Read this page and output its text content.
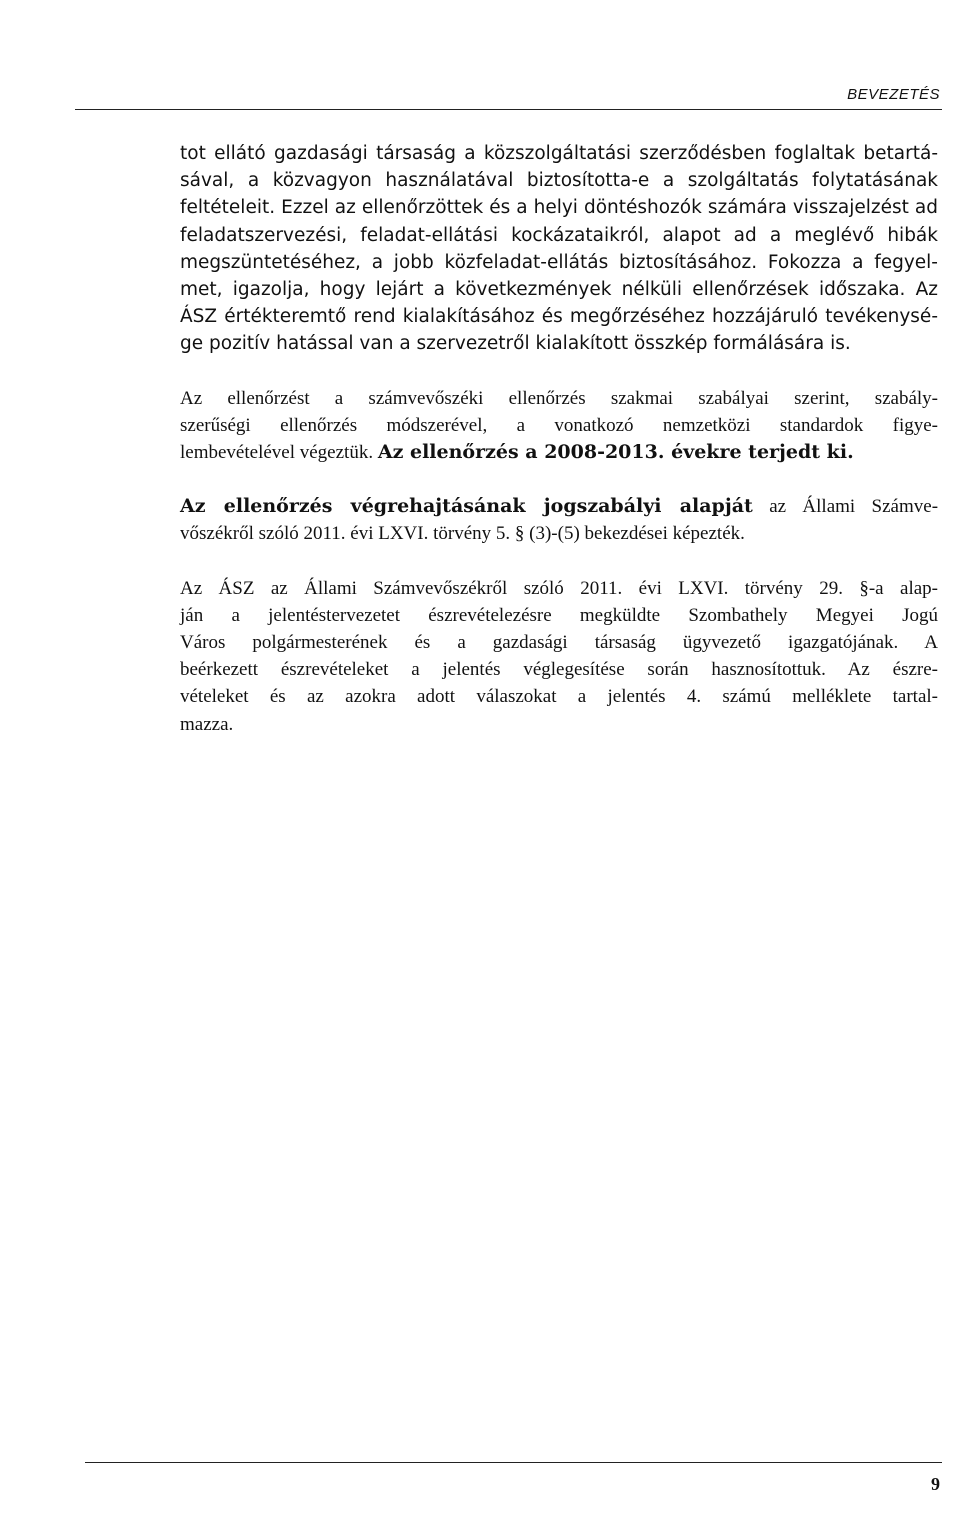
BEVEZETÉS

tot ellátó gazdasági társaság a közszolgáltatási szerződésben foglaltak betartá-
sával, a közvagyon használatával biztosította-e a szolgáltatás folytatásának
feltételeit. Ezzel az ellenőrzöttek és a helyi döntéshozók számára visszajelzést ad
feladatszervezési, feladat-ellátási kockázataikról, alapot ad a meglévő hibák
megszüntetéséhez, a jobb közfeladat-ellátás biztosításához. Fokozza a fegyel-
met, igazolja, hogy lejárt a következmények nélküli ellenőrzések időszaka. Az
ÁSZ értékteremtő rend kialakításához és megőrzéséhez hozzájáruló tevékenysé-
ge pozitív hatással van a szervezetről kialakított összkép formálására is.

Az ellenőrzést a számvevőszéki ellenőrzés szakmai szabályai szerint, szabály-
szerűségi ellenőrzés módszerével, a vonatkozó nemzetközi standardok figye-
lembevételével végeztük. Az ellenőrzés a 2008-2013. évekre terjedt ki.

Az ellenőrzés végrehajtásának jogszabályi alapját az Állami Számve-
vőszékről szóló 2011. évi LXVI. törvény 5. § (3)-(5) bekezdései képezték.

Az ÁSZ az Állami Számvevőszékről szóló 2011. évi LXVI. törvény 29. §-a alap-
ján a jelentéstervezetet észrevételezésre megküldte Szombathely Megyei Jogú
Város polgármesterének és a gazdasági társaság ügyvezető igazgatójának. A
beérkezett észrevételeket a jelentés véglegesítése során hasznosítottuk. Az észre-
vételeket és az azokra adott válaszokat a jelentés 4. számú melléklete tartal-
mazza.

9
